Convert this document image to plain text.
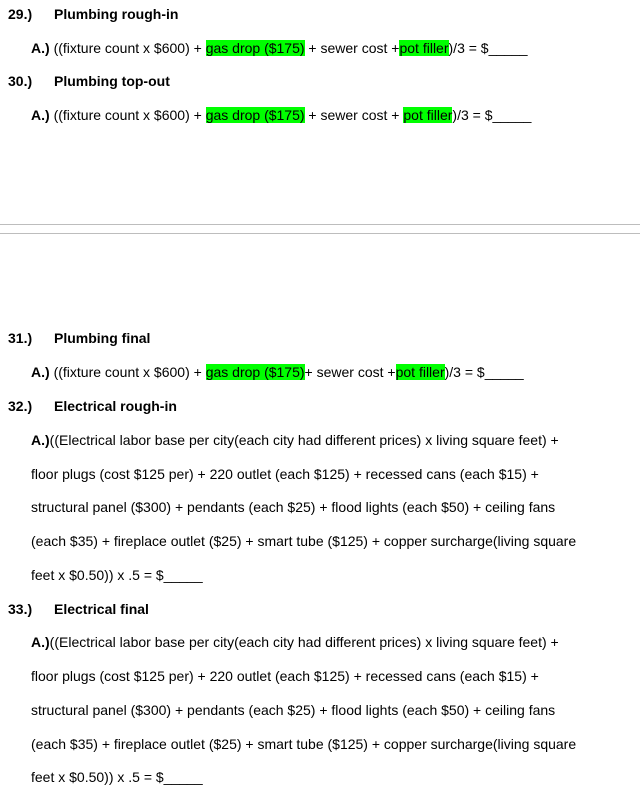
29.) Plumbing rough-in
A.) ((fixture count x $600) + gas drop ($175) + sewer cost +pot filler)/3 = $_____
30.) Plumbing top-out
A.) ((fixture count x $600) + gas drop ($175) + sewer cost + pot filler)/3 = $_____
31.) Plumbing final
A.) ((fixture count x $600) + gas drop ($175)+ sewer cost +pot filler)/3 = $_____
32.) Electrical rough-in
A.)((Electrical labor base per city(each city had different prices) x living square feet) +
floor plugs (cost $125 per) + 220 outlet (each $125) + recessed cans (each $15) +
structural panel ($300) + pendants (each $25) + flood lights (each $50) + ceiling fans
(each $35) + fireplace outlet ($25) + smart tube ($125) + copper surcharge(living square
feet x $0.50)) x .5 = $_____
33.) Electrical final
A.)((Electrical labor base per city(each city had different prices) x living square feet) +
floor plugs (cost $125 per) + 220 outlet (each $125) + recessed cans (each $15) +
structural panel ($300) + pendants (each $25) + flood lights (each $50) + ceiling fans
(each $35) + fireplace outlet ($25) + smart tube ($125) + copper surcharge(living square
feet x $0.50)) x .5 = $_____
